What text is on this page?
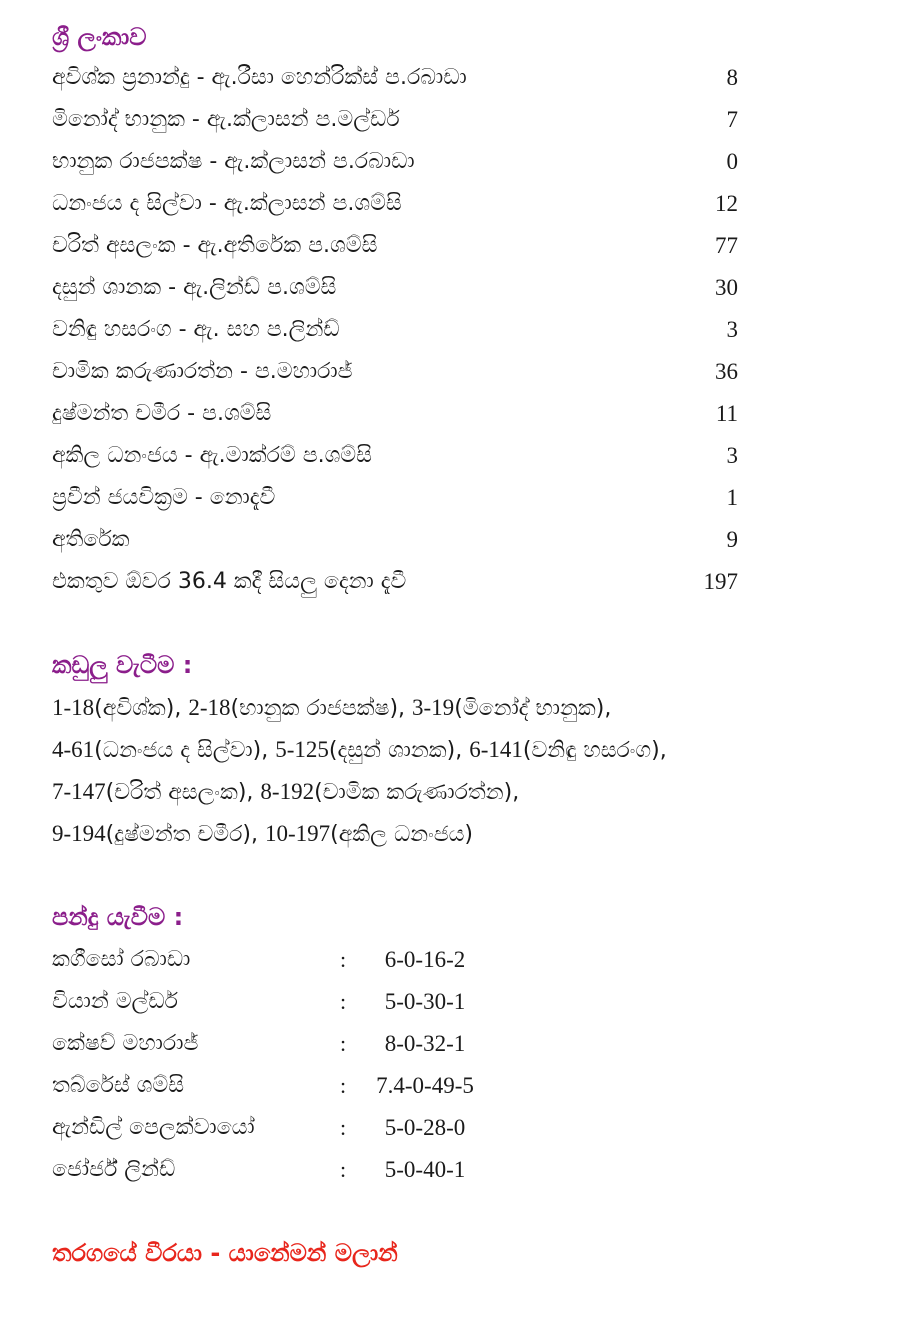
ශ්‍රී ලංකාව
අවිශ්ක ප්‍රනාන්දු - ඇ.රීසා හෙන්රික්ස් ප.රබාඩා	8
මිනෝද් භානුක - ඇ.ක්ලාසන් ප.මල්ඩර්	7
භානුක රාජපක්ෂ - ඇ.ක්ලාසන් ප.රබාඩා	0
ධනංජය ද සිල්වා - ඇ.ක්ලාසන් ප.ශම්සි	12
චරිත් අසලංක - ඇ.අතිරේක ප.ශම්සි	77
දසුන් ශානක - ඇ.ලින්ඩ් ප.ශම්සි	30
වනිඳු හසරංග - ඇ. සහ ප.ලින්ඩ්	3
චාමික කරුණාරත්න - ප.මහාරාජ්	36
දුෂ්මන්ත චමීර - ප.ශම්සි	11
අකිල ධනංජය - ඇ.මාක්රම් ප.ශම්සි	3
ප්‍රවීන් ජයවික්‍රම - නොදැවී	1
අතිරේක	9
එකතුව ඕවර 36.4 කදී සියලු දෙනා දැවී	197
කඩුලු වැටීම :
1-18(අවිශ්ක), 2-18(භානුක රාජපක්ෂ), 3-19(මිනෝද් භානුක),
4-61(ධනංජය ද සිල්වා), 5-125(දසුන් ශානක), 6-141(වනිඳු හසරංග),
7-147(චරිත් අසලංක), 8-192(චාමික කරුණාරත්න),
9-194(දුෂ්මන්ත චමීර), 10-197(අකිල ධනංජය)
පන්දු යැවීම :
කගීසෝ රබාඩා	:	6-0-16-2
වියාන් මල්ඩර්	:	5-0-30-1
කේෂව් මහාරාජ්	:	8-0-32-1
තබ්රේස් ශම්සි	:	7.4-0-49-5
ඇන්ඩිල් පෙලක්වායෝ	:	5-0-28-0
ජෝර්ජ් ලින්ඩ්	:	5-0-40-1
තරගයේ වීරයා - යානේමන් මලාන්
